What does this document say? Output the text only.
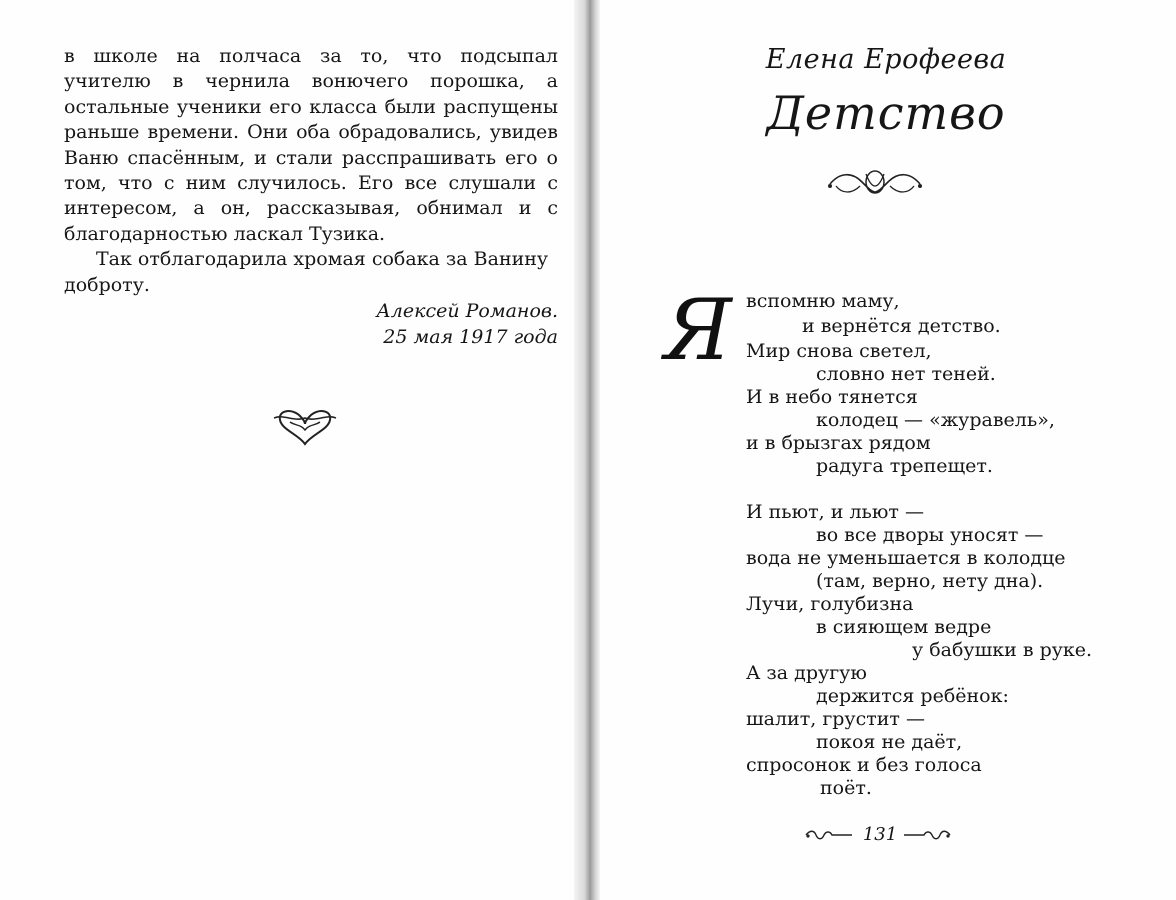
в школе на полчаса за то, что подсыпал учителю в чернила вонючего порошка, а остальные ученики его класса были распущены раньше времени. Они оба обрадовались, увидев Ваню спасённым, и стали расспрашивать его о том, что с ним случилось. Его все слушали с интересом, а он, рассказывая, обнимал и с благодарностью ласкал Тузика.

Так отблагодарила хромая собака за Ванину доброту.

Алексей Романов.
25 мая 1917 года
Елена Ерофеева
Детство
Я вспомню маму,
и вернётся детство.
Мир снова светел,
словно нет теней.
И в небо тянется
колодец — «журавель»,
и в брызгах рядом
радуга трепещет.
И пьют, и льют —
во все дворы уносят —
вода не уменьшается в колодце
(там, верно, нету дна).
Лучи, голубизна
в сияющем ведре
у бабушки в руке.
А за другую
держится ребёнок:
шалит, грустит —
покоя не даёт,
спросонок и без голоса
поёт.
131
